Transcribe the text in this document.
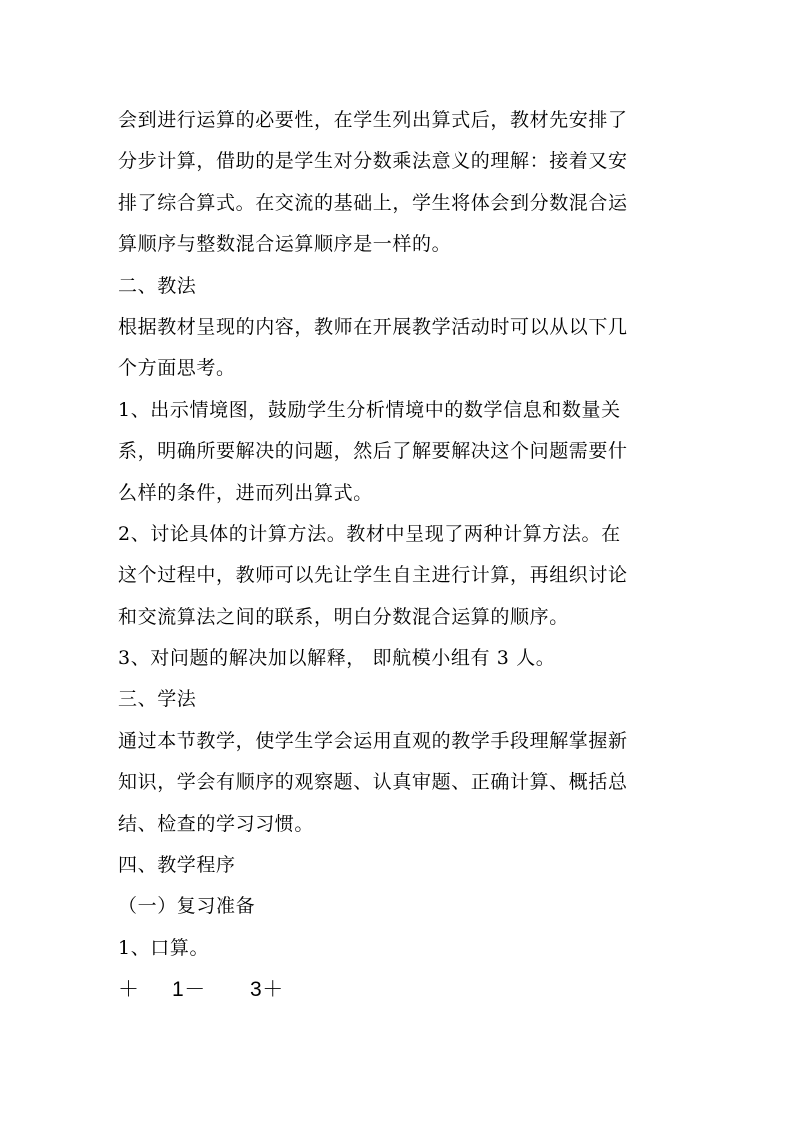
会到进行运算的必要性，在学生列出算式后，教材先安排了
分步计算，借助的是学生对分数乘法意义的理解：接着又安
排了综合算式。在交流的基础上，学生将体会到分数混合运
算顺序与整数混合运算顺序是一样的。
二、教法
根据教材呈现的内容，教师在开展教学活动时可以从以下几
个方面思考。
1、出示情境图，鼓励学生分析情境中的数学信息和数量关
系，明确所要解决的问题，然后了解要解决这个问题需要什
么样的条件，进而列出算式。
2、讨论具体的计算方法。教材中呈现了两种计算方法。在
这个过程中，教师可以先让学生自主进行计算，再组织讨论
和交流算法之间的联系，明白分数混合运算的顺序。
3、对问题的解决加以解释， 即航模小组有 3 人。
三、学法
通过本节教学，使学生学会运用直观的教学手段理解掌握新
知识，学会有顺序的观察题、认真审题、正确计算、概括总
结、检查的学习习惯。
四、教学程序
（一）复习准备
1、口算。
＋ 1－ 3＋
